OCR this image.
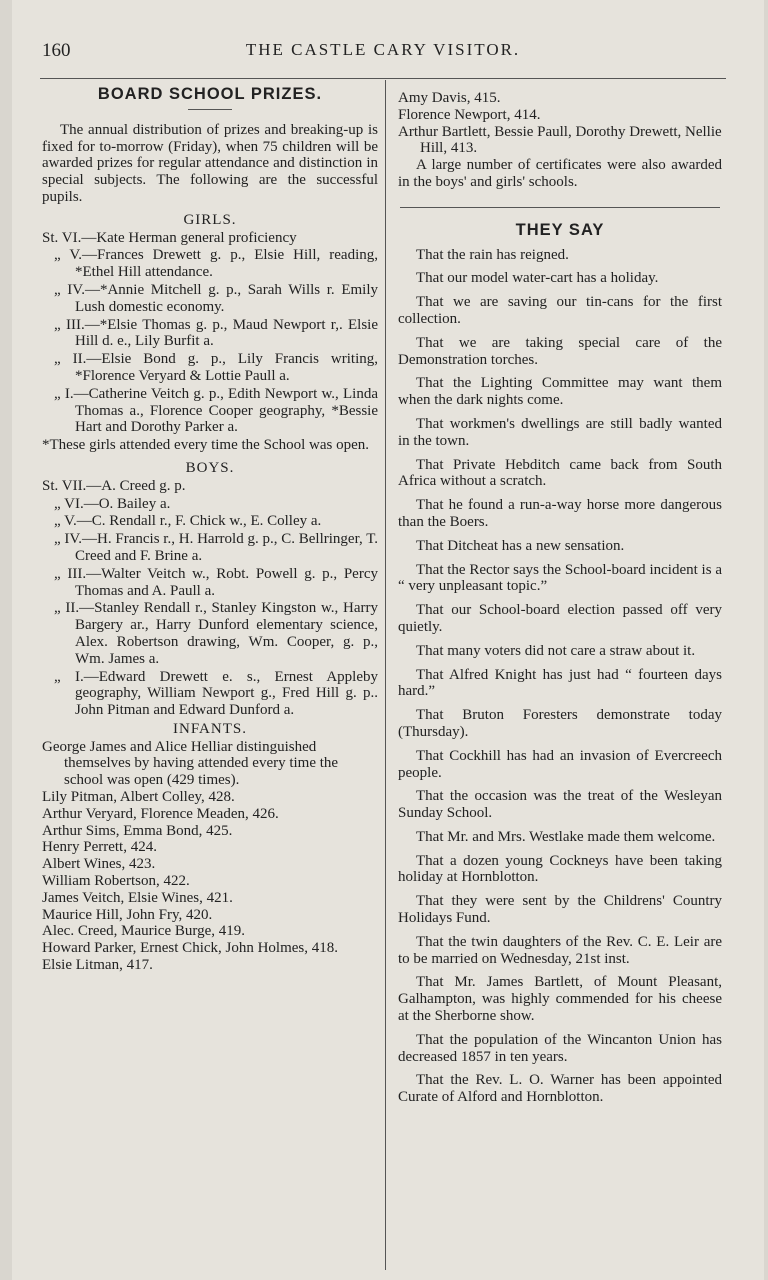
160	THE CASTLE CARY VISITOR.
BOARD SCHOOL PRIZES.

The annual distribution of prizes and breaking-up is fixed for to-morrow (Friday), when 75 children will be awarded prizes for regular attendance and distinction in special subjects. The following are the successful pupils.

GIRLS.

St. VI.—Kate Herman general proficiency

„ V.—Frances Drewett g. p., Elsie Hill, reading, *Ethel Hill attendance.

„ IV.—*Annie Mitchell g. p., Sarah Wills r. Emily Lush domestic economy.

„ III.—*Elsie Thomas g. p., Maud Newport r,. Elsie Hill d. e., Lily Burfit a.

„ II.—Elsie Bond g. p., Lily Francis writing, *Florence Veryard & Lottie Paull a.

„ I.—Catherine Veitch g. p., Edith Newport w., Linda Thomas a., Florence Cooper geography, *Bessie Hart and Dorothy Parker a.

*These girls attended every time the School was open.

BOYS.

St. VII.—A. Creed g. p.

„ VI.—O. Bailey a.

„ V.—C. Rendall r., F. Chick w., E. Colley a.

„ IV.—H. Francis r., H. Harrold g. p., C. Bellringer, T. Creed and F. Brine a.

„ III.—Walter Veitch w., Robt. Powell g. p., Percy Thomas and A. Paull a.

„ II.—Stanley Rendall r., Stanley Kingston w., Harry Bargery ar., Harry Dunford elementary science, Alex. Robertson drawing, Wm. Cooper, g. p., Wm. James a.

„ I.—Edward Drewett e. s., Ernest Appleby geography, William Newport g., Fred Hill g. p.. John Pitman and Edward Dunford a.

INFANTS.

George James and Alice Helliar distinguished themselves by having attended every time the school was open (429 times).

Lily Pitman, Albert Colley, 428.

Arthur Veryard, Florence Meaden, 426.

Arthur Sims, Emma Bond, 425.

Henry Perrett, 424.

Albert Wines, 423.

William Robertson, 422.

James Veitch, Elsie Wines, 421.

Maurice Hill, John Fry, 420.

Alec. Creed, Maurice Burge, 419.

Howard Parker, Ernest Chick, John Holmes, 418.

Elsie Litman, 417.

Amy Davis, 415.

Florence Newport, 414.

Arthur Bartlett, Bessie Paull, Dorothy Drewett, Nellie Hill, 413.

A large number of certificates were also awarded in the boys' and girls' schools.

THEY SAY

That the rain has reigned.

That our model water-cart has a holiday.

That we are saving our tin-cans for the first collection.

That we are taking special care of the Demonstration torches.

That the Lighting Committee may want them when the dark nights come.

That workmen's dwellings are still badly wanted in the town.

That Private Hebditch came back from South Africa without a scratch.

That he found a run-a-way horse more dangerous than the Boers.

That Ditcheat has a new sensation.

That the Rector says the School-board incident is a “ very unpleasant topic.”

That our School-board election passed off very quietly.

That many voters did not care a straw about it.

That Alfred Knight has just had “ fourteen days hard.”

That Bruton Foresters demonstrate today (Thursday).

That Cockhill has had an invasion of Evercreech people.

That the occasion was the treat of the Wesleyan Sunday School.

That Mr. and Mrs. Westlake made them welcome.

That a dozen young Cockneys have been taking holiday at Hornblotton.

That they were sent by the Childrens' Country Holidays Fund.

That the twin daughters of the Rev. C. E. Leir are to be married on Wednesday, 21st inst.

That Mr. James Bartlett, of Mount Pleasant, Galhampton, was highly commended for his cheese at the Sherborne show.

That the population of the Wincanton Union has decreased 1857 in ten years.

That the Rev. L. O. Warner has been appointed Curate of Alford and Hornblotton.
